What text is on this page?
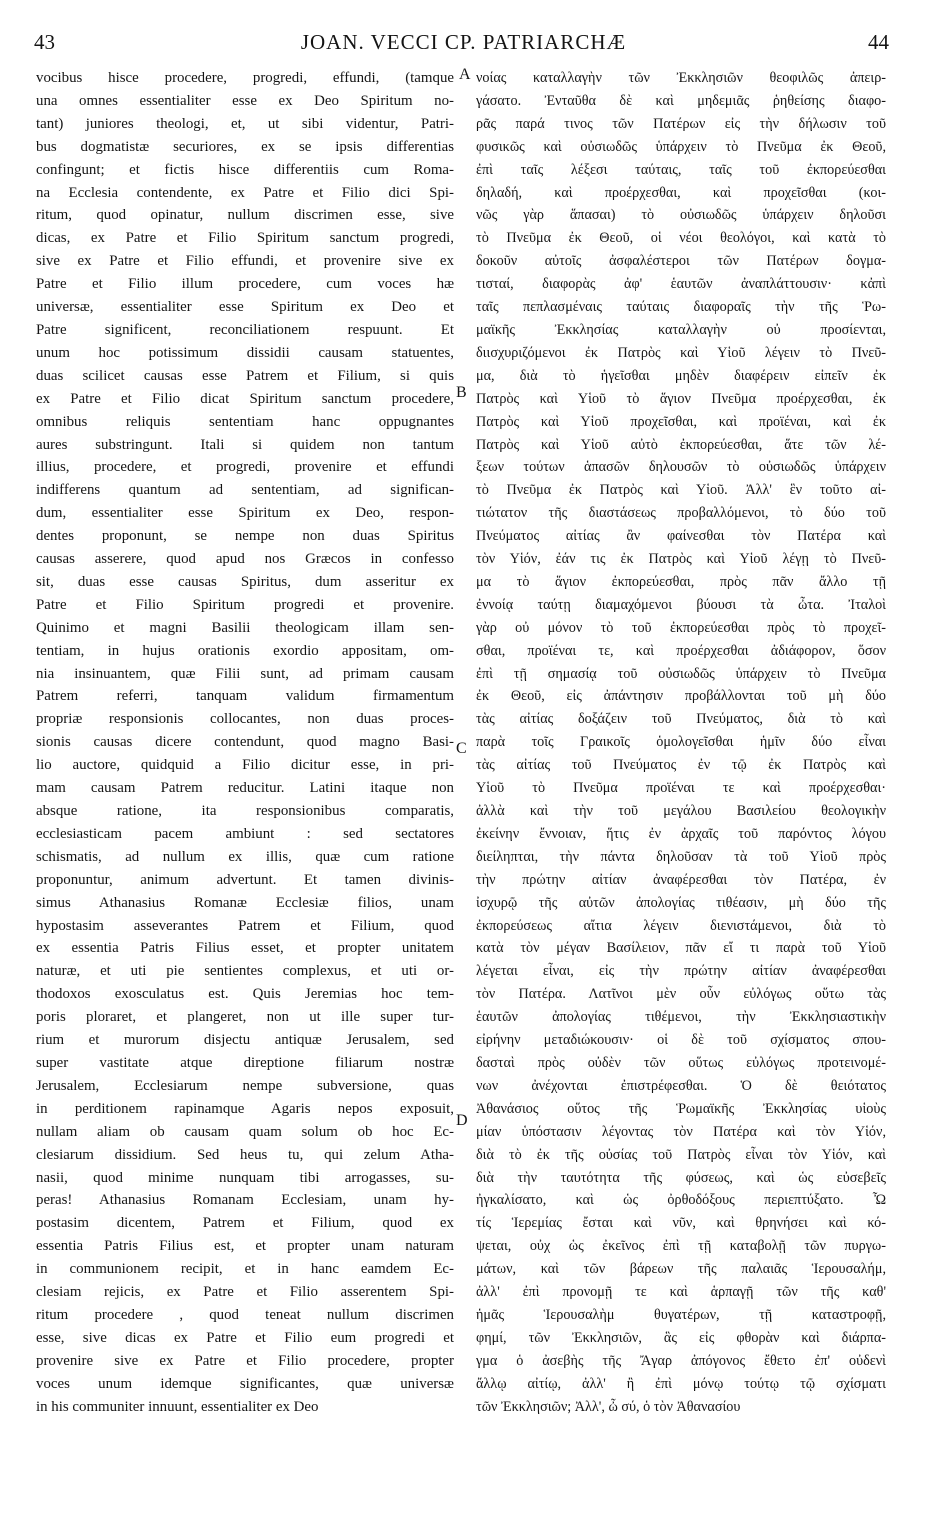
43	JOAN. VECCI CP. PATRIARCHÆ	44
vocibus hisce procedere, progredi, effundi, (tamque
una omnes essentialiter esse ex Deo Spiritum no-
tant) juniores theologi, et, ut sibi videntur, Patri-
bus dogmatistæ securiores, ex se ipsis differentias
confingunt; et fictis hisce differentiis cum Roma-
na Ecclesia contendente, ex Patre et Filio dici Spi-
ritum, quod opinatur, nullum discrimen esse, sive
dicas, ex Patre et Filio Spiritum sanctum progredi,
sive ex Patre et Filio effundi, et provenire sive ex
Patre et Filio illum procedere, cum voces hæ
universæ, essentialiter esse Spiritum ex Deo et
Patre significent, reconciliationem respuunt. Et
unum hoc potissimum dissidii causam statuentes,
duas scilicet causas esse Patrem et Filium, si quis
ex Patre et Filio dicat Spiritum sanctum procedere,
omnibus reliquis sententiam hanc oppugnantes
aures substringunt. Itali si quidem non tantum
illius, procedere, et progredi, provenire et effundi
indifferens quantum ad sententiam, ad significan-
dum, essentialiter esse Spiritum ex Deo, respon-
dentes proponunt, se nempe non duas Spiritus
causas asserere, quod apud nos Græcos in confesso
sit, duas esse causas Spiritus, dum asseritur ex
Patre et Filio Spiritum progredi et provenire.
Quinimo et magni Basilii theologicam illam sen-
tentiam, in hujus orationis exordio appositam, om-
nia insinuantem, quæ Filii sunt, ad primam causam
Patrem referri, tanquam validum firmamentum
propriæ responsionis collocantes, non duas proces-
sionis causas dicere contendunt, quod magno Basi-
lio auctore, quidquid a Filio dicitur esse, in pri-
mam causam Patrem reducitur. Latini itaque non
absque ratione, ita responsionibus comparatis,
ecclesiasticam pacem ambiunt : sed sectatores
schismatis, ad nullum ex illis, quæ cum ratione
proponuntur, animum advertunt. Et tamen divinis-
simus Athanasius Romanæ Ecclesiæ filios, unam
hypostasim asseverantes Patrem et Filium, quod
ex essentia Patris Filius esset, et propter unitatem
naturæ, et uti pie sentientes complexus, et uti or-
thodoxos exosculatus est. Quis Jeremias hoc tem-
poris ploraret, et plangeret, non ut ille super tur-
rium et murorum disjectu antiquæ Jerusalem, sed
super vastitate atque direptione filiarum nostræ
Jerusalem, Ecclesiarum nempe subversione, quas
in perditionem rapinamque Agaris nepos exposuit,
nullam aliam ob causam quam solum ob hoc Ec-
clesiarum dissidium. Sed heus tu, qui zelum Atha-
nasii, quod minime nunquam tibi arrogasses, su-
peras! Athanasius Romanam Ecclesiam, unam hy-
postasim dicentem, Patrem et Filium, quod ex
essentia Patris Filius est, et propter unam naturam
in communionem recipit, et in hanc eamdem Ec-
clesiam rejicis, ex Patre et Filio asserentem Spi-
ritum procedere , quod teneat nullum discrimen
esse, sive dicas ex Patre et Filio eum progredi et
provenire sive ex Patre et Filio procedere, propter
voces unum idemque significantes, quæ universæ
in his communiter innuunt, essentialiter ex Deo
νοίας καταλλαγὴν τῶν Ἐκκλησιῶν θεοφιλῶς ἀπειρ-
γάσατο. Ἐνταῦθα δὲ καὶ μηδεμιᾶς ῥηθείσης διαφο-
ρᾶς παρά τινος τῶν Πατέρων εἰς τὴν δήλωσιν τοῦ
φυσικῶς καὶ οὐσιωδῶς ὑπάρχειν τὸ Πνεῦμα ἐκ Θεοῦ,
ἐπὶ ταῖς λέξεσι ταύταις, ταῖς τοῦ ἐκπορεύεσθαι
δηλαδή, καὶ προέρχεσθαι, καὶ προχεῖσθαι (κοι-
νῶς γὰρ ἅπασαι) τὸ οὐσιωδῶς ὑπάρχειν δηλοῦσι
τὸ Πνεῦμα ἐκ Θεοῦ, οἱ νέοι θεολόγοι, καὶ κατὰ τὸ
δοκοῦν αὐτοῖς ἀσφαλέστεροι τῶν Πατέρων δογμα-
τισταί, διαφορὰς ἀφ' ἑαυτῶν ἀναπλάττουσιν· κἀπὶ
ταῖς πεπλασμέναις ταύταις διαφοραῖς τὴν τῆς Ῥω-
μαϊκῆς Ἐκκλησίας καταλλαγὴν οὐ προσίενται,
διισχυριζόμενοι ἐκ Πατρὸς καὶ Υἱοῦ λέγειν τὸ Πνεῦ-
μα, διὰ τὸ ἡγεῖσθαι μηδὲν διαφέρειν εἰπεῖν ἐκ
Πατρὸς καὶ Υἱοῦ τὸ ἅγιον Πνεῦμα προέρχεσθαι, ἐκ
Πατρὸς καὶ Υἱοῦ προχεῖσθαι, καὶ προϊέναι, καὶ ἐκ
Πατρὸς καὶ Υἱοῦ αὐτὸ ἐκπορεύεσθαι, ἅτε τῶν λέ-
ξεων τούτων ἁπασῶν δηλουσῶν τὸ οὐσιωδῶς ὑπάρχειν
τὸ Πνεῦμα ἐκ Πατρὸς καὶ Υἱοῦ. Ἀλλ' ἓν τοῦτο αἰ-
τιώτατον τῆς διαστάσεως προβαλλόμενοι, τὸ δύο τοῦ
Πνεύματος αἰτίας ἂν φαίνεσθαι τὸν Πατέρα καὶ
τὸν Υἱόν, ἐάν τις ἐκ Πατρὸς καὶ Υἱοῦ λέγῃ τὸ Πνεῦ-
μα τὸ ἅγιον ἐκπορεύεσθαι, πρὸς πᾶν ἄλλο τῇ
ἐννοίᾳ ταύτῃ διαμαχόμενοι βύουσι τὰ ὦτα. Ἰταλοὶ
γὰρ οὐ μόνον τὸ τοῦ ἐκπορεύεσθαι πρὸς τὸ προχεῖ-
σθαι, προϊέναι τε, καὶ προέρχεσθαι ἀδιάφορον, ὅσον
ἐπὶ τῇ σημασίᾳ τοῦ οὐσιωδῶς ὑπάρχειν τὸ Πνεῦμα
ἐκ Θεοῦ, εἰς ἀπάντησιν προβάλλονται τοῦ μὴ δύο
τὰς αἰτίας δοξάζειν τοῦ Πνεύματος, διὰ τὸ καὶ
παρὰ τοῖς Γραικοῖς ὁμολογεῖσθαι ἡμῖν δύο εἶναι
τὰς αἰτίας τοῦ Πνεύματος ἐν τῷ ἐκ Πατρὸς καὶ
Υἱοῦ τὸ Πνεῦμα προϊέναι τε καὶ προέρχεσθαι·
ἀλλὰ καὶ τὴν τοῦ μεγάλου Βασιλείου θεολογικὴν
ἐκείνην ἔννοιαν, ἥτις ἐν ἀρχαῖς τοῦ παρόντος λόγου
διείληπται, τὴν πάντα δηλοῦσαν τὰ τοῦ Υἱοῦ πρὸς
τὴν πρώτην αἰτίαν ἀναφέρεσθαι τὸν Πατέρα, ἐν
ἰσχυρῷ τῆς αὐτῶν ἀπολογίας τιθέασιν, μὴ δύο τῆς
ἐκπορεύσεως αἴτια λέγειν διενιστάμενοι, διὰ τὸ
κατὰ τὸν μέγαν Βασίλειον, πᾶν εἴ τι παρὰ τοῦ Υἱοῦ
λέγεται εἶναι, εἰς τὴν πρώτην αἰτίαν ἀναφέρεσθαι
τὸν Πατέρα. Λατῖνοι μὲν οὖν εὐλόγως οὕτω τὰς
ἑαυτῶν ἀπολογίας τιθέμενοι, τὴν Ἐκκλησιαστικὴν
εἰρήνην μεταδιώκουσιν· οἱ δὲ τοῦ σχίσματος σπου-
δασταὶ πρὸς οὐδὲν τῶν οὕτως εὐλόγως προτεινομέ-
νων ἀνέχονται ἐπιστρέφεσθαι. Ὁ δὲ θειότατος
Ἀθανάσιος οὕτος τῆς Ῥωμαϊκῆς Ἐκκλησίας υἱοὺς
μίαν ὑπόστασιν λέγοντας τὸν Πατέρα καὶ τὸν Υἱόν,
διὰ τὸ ἐκ τῆς οὐσίας τοῦ Πατρὸς εἶναι τὸν Υἱόν, καὶ
διὰ τὴν ταυτότητα τῆς φύσεως, καὶ ὡς εὐσεβεῖς
ἠγκαλίσατο, καὶ ὡς ὀρθοδόξους περιεπτύξατο. Ὦ
τίς Ἱερεμίας ἔσται καὶ νῦν, καὶ θρηνήσει καὶ κό-
ψεται, οὐχ ὡς ἐκεῖνος ἐπὶ τῇ καταβολῇ τῶν πυργω-
μάτων, καὶ τῶν βάρεων τῆς παλαιᾶς Ἱερουσαλήμ,
ἀλλ' ἐπὶ προνομῇ τε καὶ ἁρπαγῇ τῶν τῆς καθ'
ἡμᾶς Ἱερουσαλὴμ θυγατέρων, τῇ καταστροφῇ,
φημί, τῶν Ἐκκλησιῶν, ἃς εἰς φθορὰν καὶ διάρπα-
γμα ὁ ἀσεβὴς τῆς Ἄγαρ ἀπόγονος ἔθετο ἐπ' οὐδενὶ
ἄλλῳ αἰτίῳ, ἀλλ' ἢ ἐπὶ μόνῳ τούτῳ τῷ σχίσματι
τῶν Ἐκκλησιῶν; Ἀλλ', ὦ σύ, ὁ τὸν Ἀθανασίου
A
B
C
D
